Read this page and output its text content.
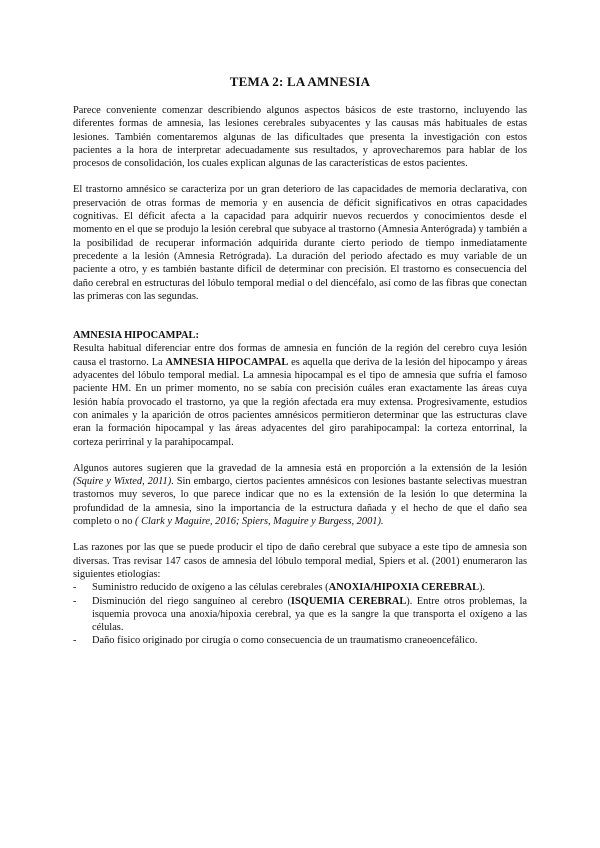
TEMA 2: LA AMNESIA

Parece conveniente comenzar describiendo algunos aspectos básicos de este trastorno, incluyendo las diferentes formas de amnesia, las lesiones cerebrales subyacentes y las causas más habituales de estas lesiones. También comentaremos algunas de las dificultades que presenta la investigación con estos pacientes a la hora de interpretar adecuadamente sus resultados, y aprovecharemos para hablar de los procesos de consolidación, los cuales explican algunas de las características de estos pacientes.

El trastorno amnésico se caracteriza por un gran deterioro de las capacidades de memoria declarativa, con preservación de otras formas de memoria y en ausencia de déficit significativos en otras capacidades cognitivas. El déficit afecta a la capacidad para adquirir nuevos recuerdos y conocimientos desde el momento en el que se produjo la lesión cerebral que subyace al trastorno (Amnesia Anterógrada) y también a la posibilidad de recuperar información adquirida durante cierto periodo de tiempo inmediatamente precedente a la lesión (Amnesia Retrógrada). La duración del periodo afectado es muy variable de un paciente a otro, y es también bastante difícil de determinar con precisión. El trastorno es consecuencia del daño cerebral en estructuras del lóbulo temporal medial o del diencéfalo, así como de las fibras que conectan las primeras con las segundas.

AMNESIA HIPOCAMPAL:

Resulta habitual diferenciar entre dos formas de amnesia en función de la región del cerebro cuya lesión causa el trastorno. La AMNESIA HIPOCAMPAL es aquella que deriva de la lesión del hipocampo y áreas adyacentes del lóbulo temporal medial. La amnesia hipocampal es el tipo de amnesia que sufría el famoso paciente HM. En un primer momento, no se sabía con precisión cuáles eran exactamente las áreas cuya lesión había provocado el trastorno, ya que la región afectada era muy extensa. Progresivamente, estudios con animales y la aparición de otros pacientes amnésicos permitieron determinar que las estructuras clave eran la formación hipocampal y las áreas adyacentes del giro parahipocampal: la corteza entorrinal, la corteza perirrinal y la parahipocampal.

Algunos autores sugieren que la gravedad de la amnesia está en proporción a la extensión de la lesión (Squire y Wixted, 2011). Sin embargo, ciertos pacientes amnésicos con lesiones bastante selectivas muestran trastornos muy severos, lo que parece indicar que no es la extensión de la lesión lo que determina la profundidad de la amnesia, sino la importancia de la estructura dañada y el hecho de que el daño sea completo o no ( Clark y Maguire, 2016; Spiers, Maguire y Burgess, 2001).

Las razones por las que se puede producir el tipo de daño cerebral que subyace a este tipo de amnesia son diversas. Tras revisar 147 casos de amnesia del lóbulo temporal medial, Spiers et al. (2001) enumeraron las siguientes etiologías:

- Suministro reducido de oxígeno a las células cerebrales (ANOXIA/HIPOXIA CEREBRAL).
- Disminución del riego sanguíneo al cerebro (ISQUEMIA CEREBRAL). Entre otros problemas, la isquemia provoca una anoxia/hipoxia cerebral, ya que es la sangre la que transporta el oxígeno a las células.
- Daño físico originado por cirugía o como consecuencia de un traumatismo craneoencefálico.
